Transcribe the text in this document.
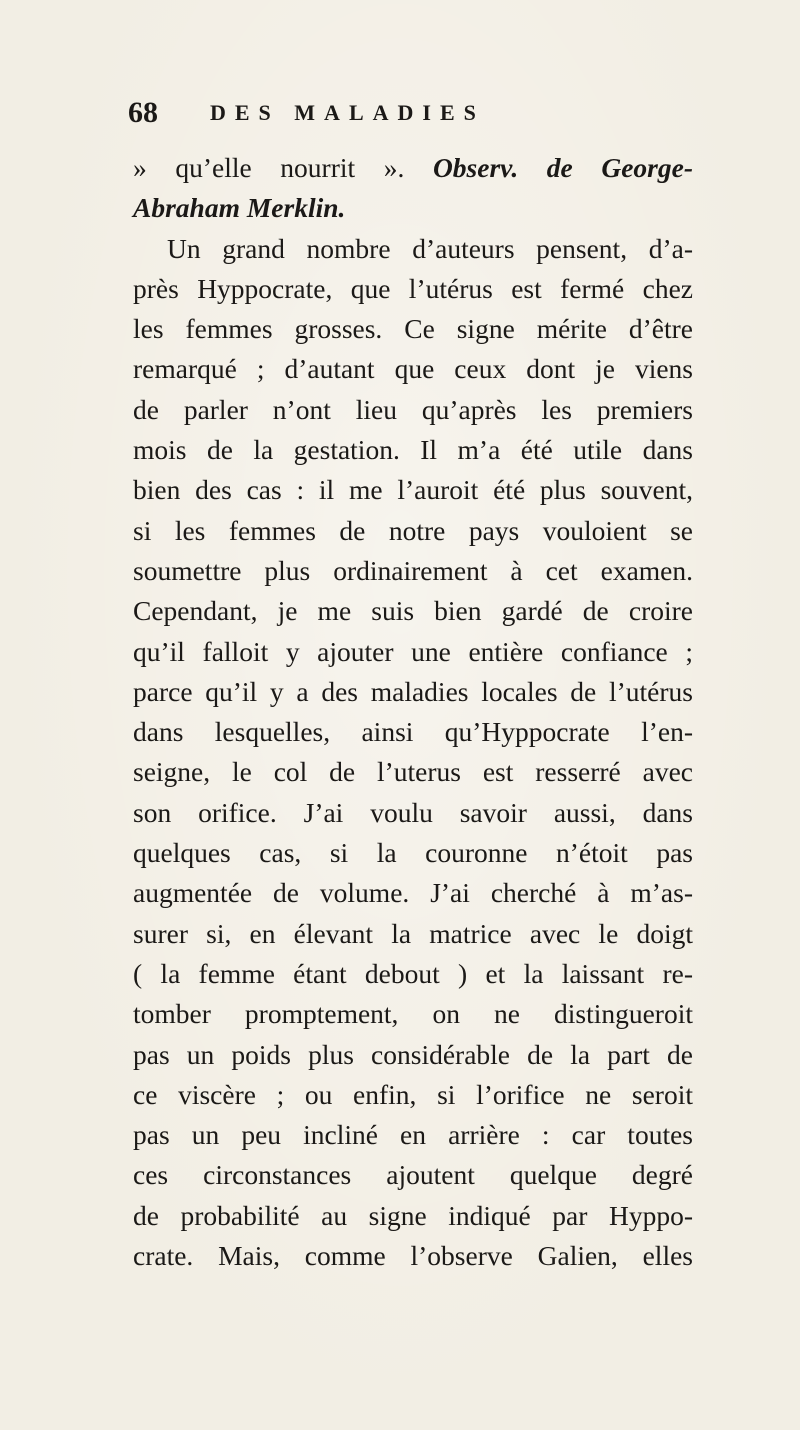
68 DES MALADIES
» qu’elle nourrit ». Observ. de George-
Abraham Merklin.
Un grand nombre d’auteurs pensent, d’a-
près Hyppocrate, que l’utérus est fermé chez
les femmes grosses. Ce signe mérite d’être
remarqué ; d’autant que ceux dont je viens
de parler n’ont lieu qu’après les premiers
mois de la gestation. Il m’a été utile dans
bien des cas : il me l’auroit été plus souvent,
si les femmes de notre pays vouloient se
soumettre plus ordinairement à cet examen.
Cependant, je me suis bien gardé de croire
qu’il falloit y ajouter une entière confiance ;
parce qu’il y a des maladies locales de l’utérus
dans lesquelles, ainsi qu’Hyppocrate l’en-
seigne, le col de l’uterus est resserré avec
son orifice. J’ai voulu savoir aussi, dans
quelques cas, si la couronne n’étoit pas
augmentée de volume. J’ai cherché à m’as-
surer si, en élevant la matrice avec le doigt
( la femme étant debout ) et la laissant re-
tomber promptement, on ne distingueroit
pas un poids plus considérable de la part de
ce viscère ; ou enfin, si l’orifice ne seroit
pas un peu incliné en arrière : car toutes
ces circonstances ajoutent quelque degré
de probabilité au signe indiqué par Hyppo-
crate. Mais, comme l’observe Galien, elles
